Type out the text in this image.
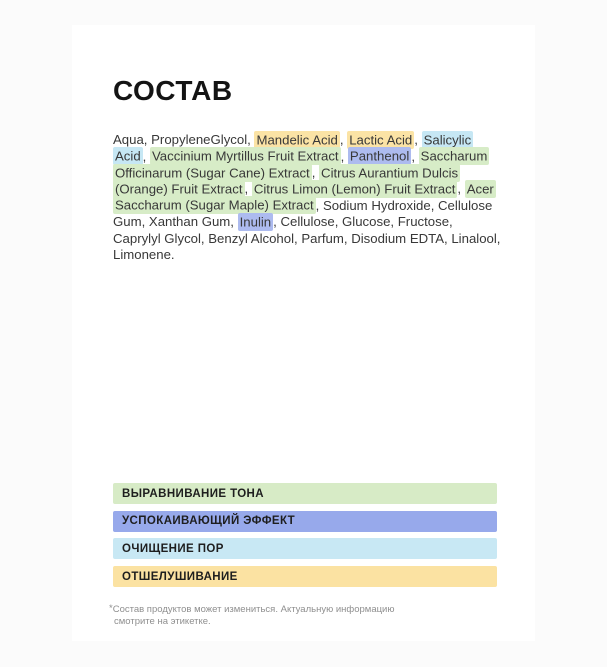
СОСТАВ

Aqua, PropyleneGlycol, Mandelic Acid , Lactic Acid , Salicylic Acid , Vaccinium Myrtillus Fruit Extract , Panthenol , Saccharum Officinarum (Sugar Cane) Extract , Citrus Aurantium Dulcis (Orange) Fruit Extract , Citrus Limon (Lemon) Fruit Extract , Acer Saccharum (Sugar Maple) Extract , Sodium Hydroxide, Cellulose Gum, Xanthan Gum, Inulin , Cellulose, Glucose, Fructose, Caprylyl Glycol, Benzyl Alcohol, Parfum, Disodium EDTA, Linalool, Limonene.

ВЫРАВНИВАНИЕ ТОНА
УСПОКАИВАЮЩИЙ ЭФФЕКТ
ОЧИЩЕНИЕ ПОР
ОТШЕЛУШИВАНИЕ

*Состав продуктов может измениться. Актуальную информацию смотрите на этикетке.
